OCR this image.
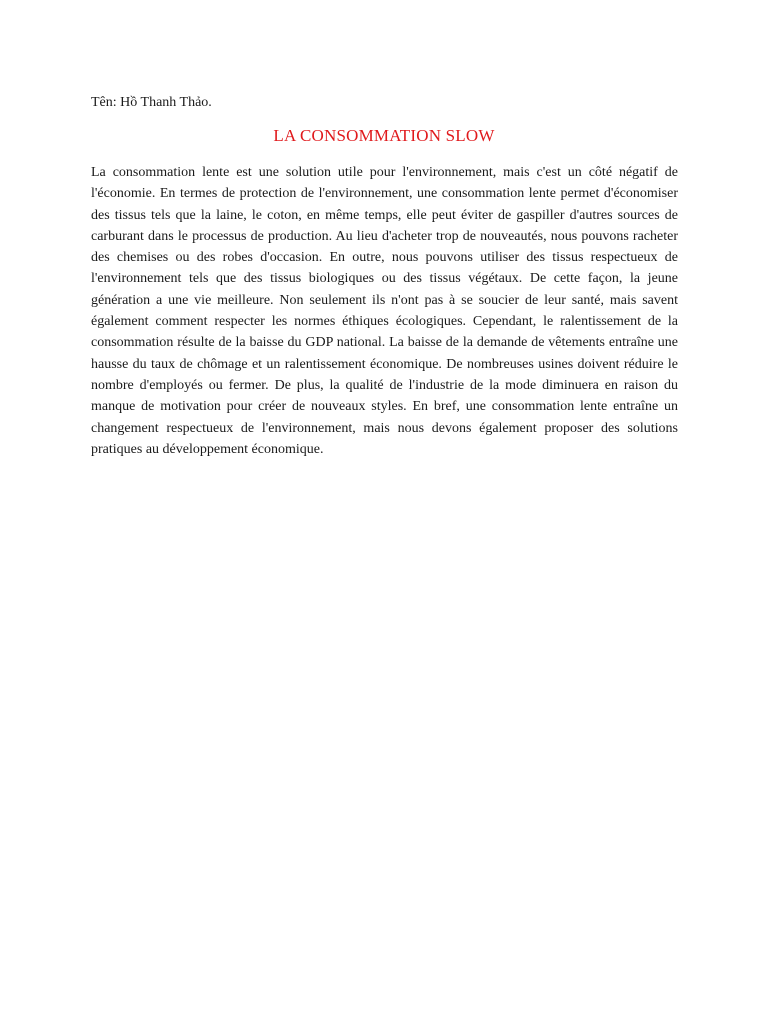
Tên: Hồ Thanh Thảo.
LA CONSOMMATION SLOW

La consommation lente est une solution utile pour l'environnement, mais c'est un côté négatif de l'économie. En termes de protection de l'environnement, une consommation lente permet d'économiser des tissus tels que la laine, le coton, en même temps, elle peut éviter de gaspiller d'autres sources de carburant dans le processus de production. Au lieu d'acheter trop de nouveautés, nous pouvons racheter des chemises ou des robes d'occasion. En outre, nous pouvons utiliser des tissus respectueux de l'environnement tels que des tissus biologiques ou des tissus végétaux. De cette façon, la jeune génération a une vie meilleure. Non seulement ils n'ont pas à se soucier de leur santé, mais savent également comment respecter les normes éthiques écologiques. Cependant, le ralentissement de la consommation résulte de la baisse du GDP national. La baisse de la demande de vêtements entraîne une hausse du taux de chômage et un ralentissement économique. De nombreuses usines doivent réduire le nombre d'employés ou fermer. De plus, la qualité de l'industrie de la mode diminuera en raison du manque de motivation pour créer de nouveaux styles. En bref, une consommation lente entraîne un changement respectueux de l'environnement, mais nous devons également proposer des solutions pratiques au développement économique.
